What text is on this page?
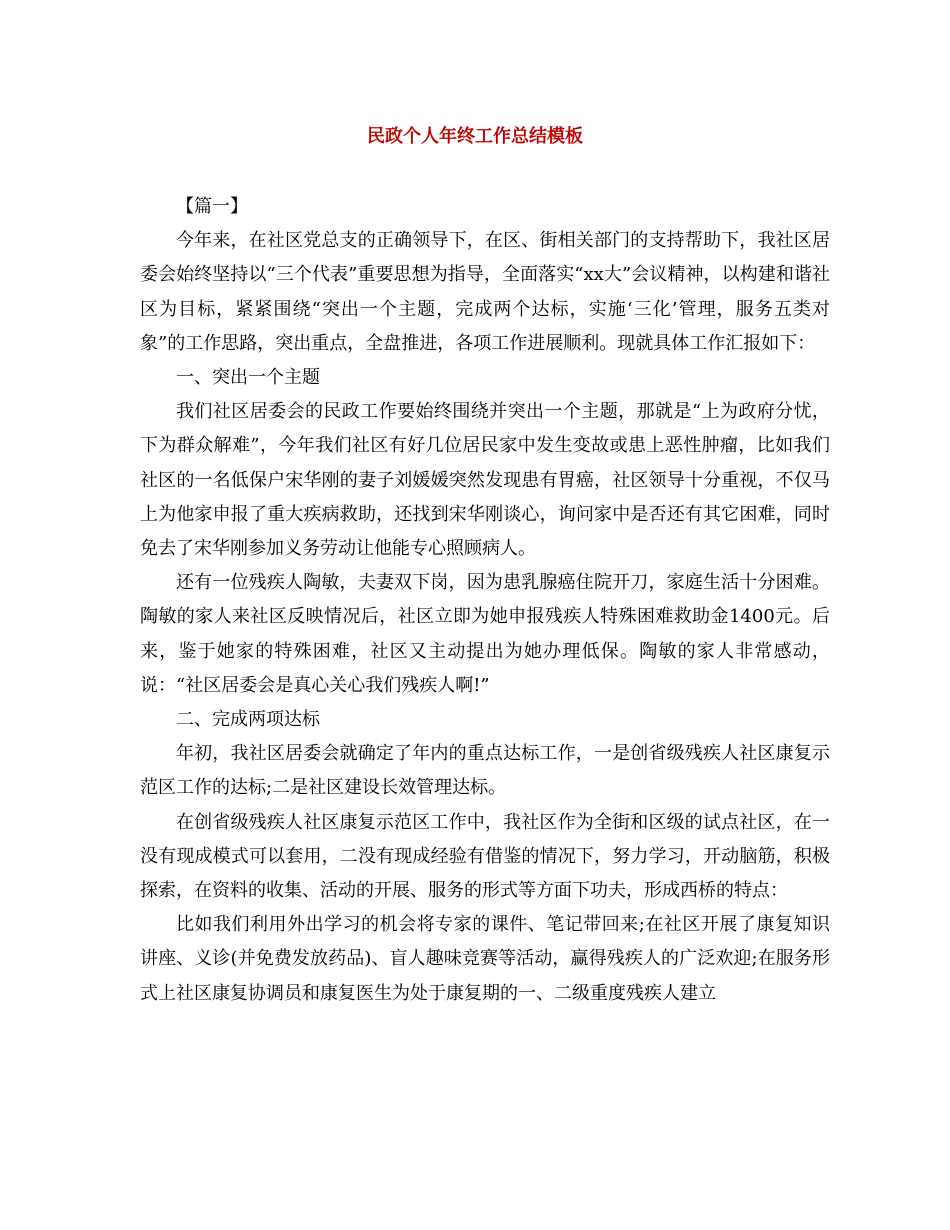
民政个人年终工作总结模板

【篇一】

今年来，在社区党总支的正确领导下，在区、街相关部门的支持帮助下，我社区居委会始终坚持以“三个代表”重要思想为指导，全面落实“xx大”会议精神，以构建和谐社区为目标，紧紧围绕“突出一个主题，完成两个达标，实施‘三化’管理，服务五类对象”的工作思路，突出重点，全盘推进，各项工作进展顺利。现就具体工作汇报如下：

一、突出一个主题

我们社区居委会的民政工作要始终围绕并突出一个主题，那就是“上为政府分忧，下为群众解难”，今年我们社区有好几位居民家中发生变故或患上恶性肿瘤，比如我们社区的一名低保户宋华刚的妻子刘媛媛突然发现患有胃癌，社区领导十分重视，不仅马上为他家申报了重大疾病救助，还找到宋华刚谈心，询问家中是否还有其它困难，同时免去了宋华刚参加义务劳动让他能专心照顾病人。

还有一位残疾人陶敏，夫妻双下岗，因为患乳腺癌住院开刀，家庭生活十分困难。陶敏的家人来社区反映情况后，社区立即为她申报残疾人特殊困难救助金1400元。后来，鉴于她家的特殊困难，社区又主动提出为她办理低保。陶敏的家人非常感动，说：“社区居委会是真心关心我们残疾人啊!”

二、完成两项达标

年初，我社区居委会就确定了年内的重点达标工作，一是创省级残疾人社区康复示范区工作的达标;二是社区建设长效管理达标。

在创省级残疾人社区康复示范区工作中，我社区作为全街和区级的试点社区，在一没有现成模式可以套用，二没有现成经验有借鉴的情况下，努力学习，开动脑筋，积极探索，在资料的收集、活动的开展、服务的形式等方面下功夫，形成西桥的特点：

比如我们利用外出学习的机会将专家的课件、笔记带回来;在社区开展了康复知识讲座、义诊(并免费发放药品)、盲人趣味竞赛等活动，赢得残疾人的广泛欢迎;在服务形式上社区康复协调员和康复医生为处于康复期的一、二级重度残疾人建立
